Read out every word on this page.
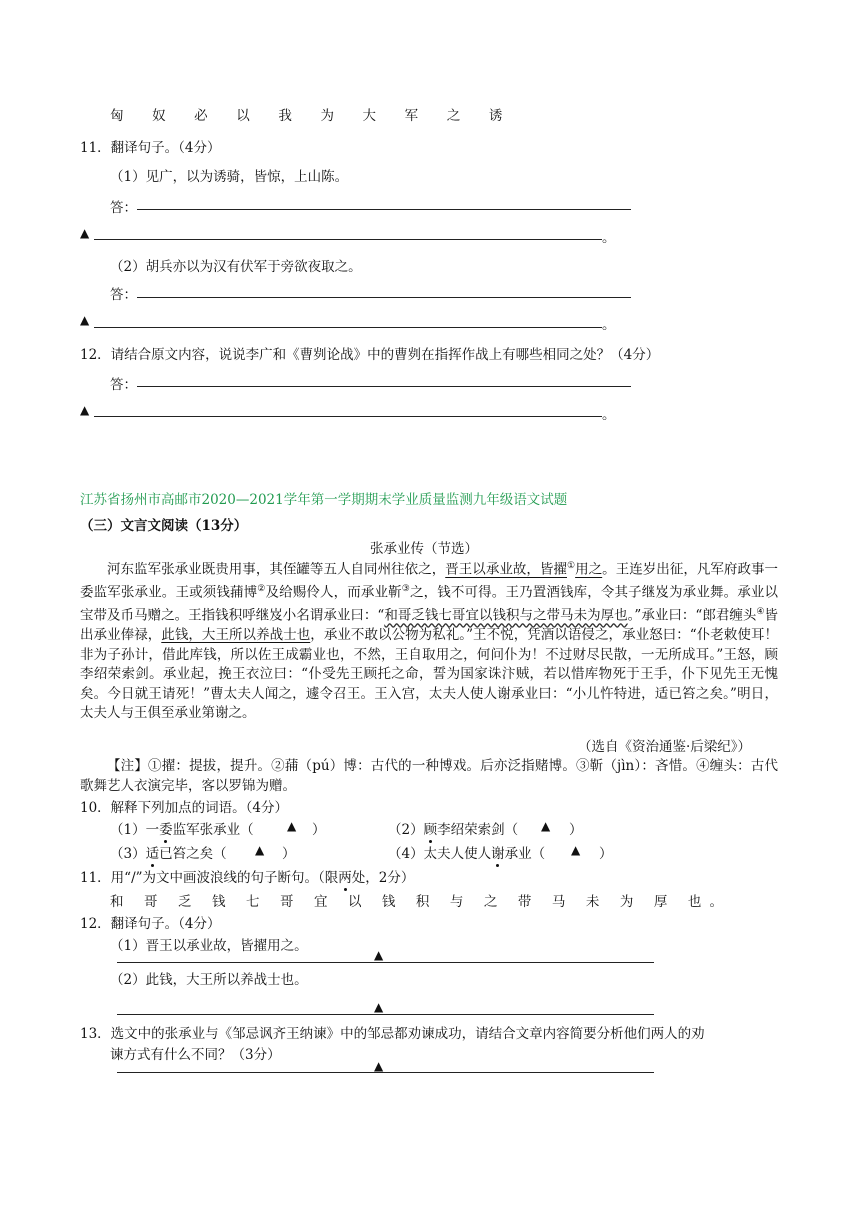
匈 奴 必 以 我 为 大 军 之 诱
11．翻译句子。（4分）
（1）见广，以为诱骑，皆惊，上山陈。
答：
▲	。
（2）胡兵亦以为汉有伏军于旁欲夜取之。
答：
▲	。
12．请结合原文内容，说说李广和《曹刿论战》中的曹刿在指挥作战上有哪些相同之处？（4分）
答：
▲	。
江苏省扬州市高邮市2020—2021学年第一学期期末学业质量监测九年级语文试题
（三）文言文阅读（13分）
张承业传（节选）
河东监军张承业既贵用事，其侄罐等五人自同州往依之，晋王以承业故，皆擢①用之。王连岁出征，凡军府政事一委监军张承业。王或须钱蒱博②及给赐伶人，而承业靳③之，钱不可得。王乃置酒钱库，令其子继岌为承业舞。承业以宝带及币马赠之。王指钱积呼继岌小名谓承业曰：“和哥乏钱七哥宜以钱积与之带马未为厚也。”承业曰：“郎君缠头④皆出承业俸禄，此钱，大王所以养战士也，承业不敢以公物为私礼。”王不悦，凭酒以语侵之，承业怒曰：“仆老敕使耳！　非为子孙计，借此库钱，所以佐王成霸业也，不然，王自取用之，何问仆为！不过财尽民散，一无所成耳。”王怒，顾李绍荣索剑。承业起，挽王衣泣曰：“仆受先王顾托之命，誓为国家诛汴贼，若以惜库物死于王手，仆下见先王无愧矣。今日就王请死！”曹太夫人闻之，遽令召王。王入宫，太夫人使人谢承业曰：“小儿忤特进，适已笞之矣。”明日，太夫人与王俱至承业第谢之。
（选自《资治通鉴·后梁纪》）
【注】①擢：提拔，提升。②蒱（pú）博：古代的一种博戏。后亦泛指赌博。③靳（jìn）：吝惜。④缠头：古代歌舞艺人衣演完毕，客以罗锦为赠。
10．解释下列加点的词语。（4分）
（1）一委监军张承业（	▲ ）	（2）顾李绍荣索剑（ ▲ ）
（3）适已笞之矣（ ▲ ）	（4）太夫人使人谢承业（ ▲ ）
11．用“/”为文中画波浪线的句子断句。（限两处，2分）
和 哥 乏 钱 七 哥 宜 以 钱 积 与 之 带 马 未 为 厚 也。
12．翻译句子。（4分）
（1）晋王以承业故，皆擢用之。
▲
（2）此钱，大王所以养战士也。
▲
13．选文中的张承业与《邹忌讽齐王纳谏》中的邹忌都劝谏成功，请结合文章内容简要分析他们两人的劝
谏方式有什么不同？（3分）
▲
